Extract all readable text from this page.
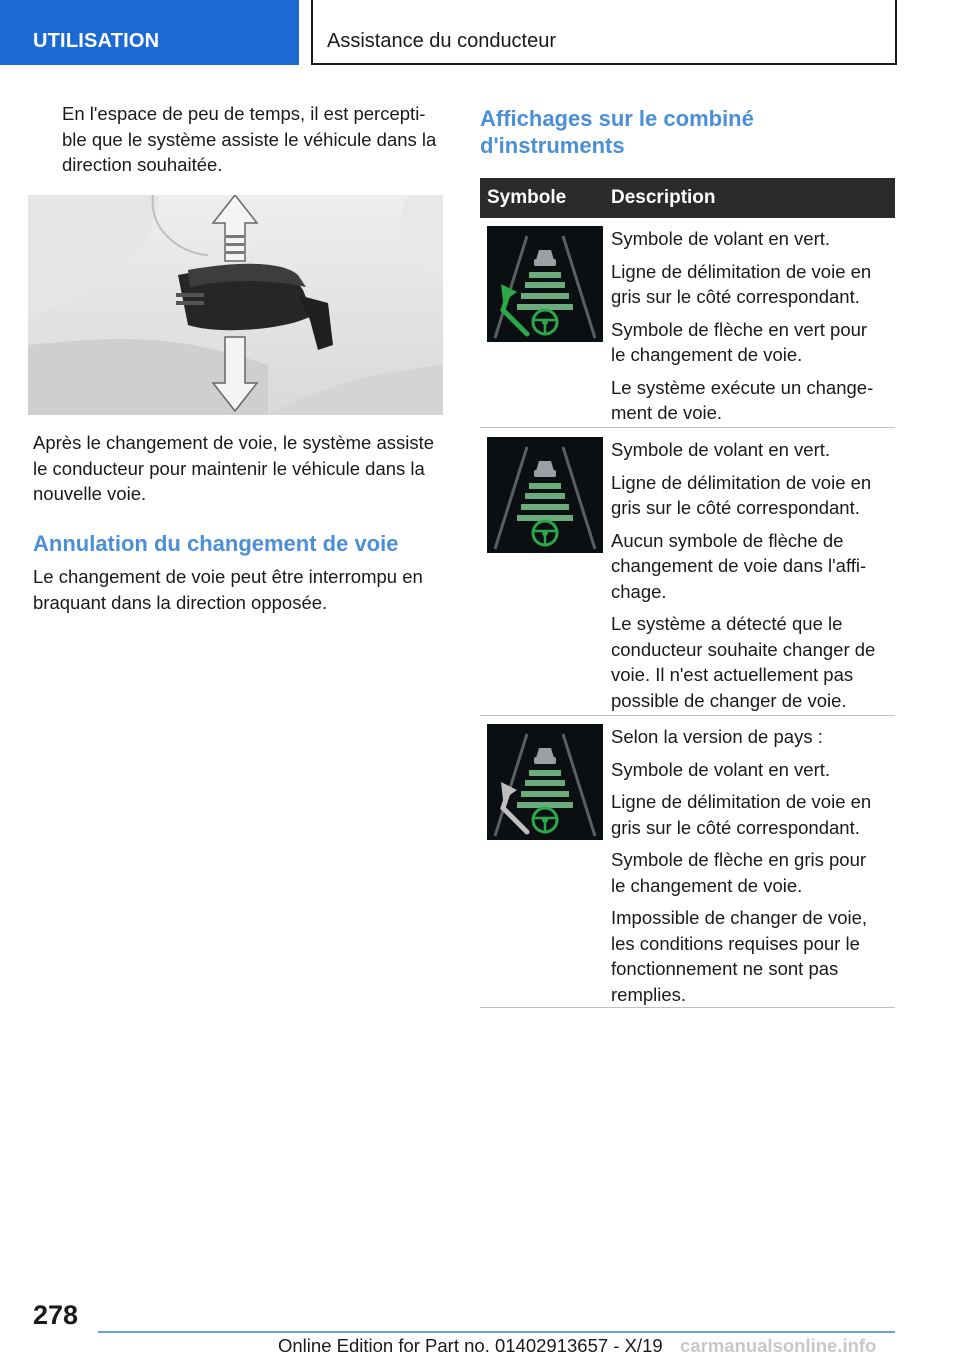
UTILISATION	Assistance du conducteur

En l'espace de peu de temps, il est percepti-
ble que le système assiste le véhicule dans la
direction souhaitée.

Après le changement de voie, le système assiste
le conducteur pour maintenir le véhicule dans la
nouvelle voie.

Annulation du changement de voie

Le changement de voie peut être interrompu en
braquant dans la direction opposée.

Affichages sur le combiné
d'instruments

Symbole Description

Symbole de volant en vert.

Ligne de délimitation de voie en
gris sur le côté correspondant.

Symbole de flèche en vert pour
le changement de voie.

Le système exécute un change-
ment de voie.

Symbole de volant en vert.

Ligne de délimitation de voie en
gris sur le côté correspondant.

Aucun symbole de flèche de
changement de voie dans l'affi-
chage.

Le système a détecté que le
conducteur souhaite changer de
voie. Il n'est actuellement pas
possible de changer de voie.

Selon la version de pays :

Symbole de volant en vert.

Ligne de délimitation de voie en
gris sur le côté correspondant.

Symbole de flèche en gris pour
le changement de voie.

Impossible de changer de voie,
les conditions requises pour le
fonctionnement ne sont pas
remplies.

278
Online Edition for Part no. 01402913657 - X/19 carmanualsonline.info
